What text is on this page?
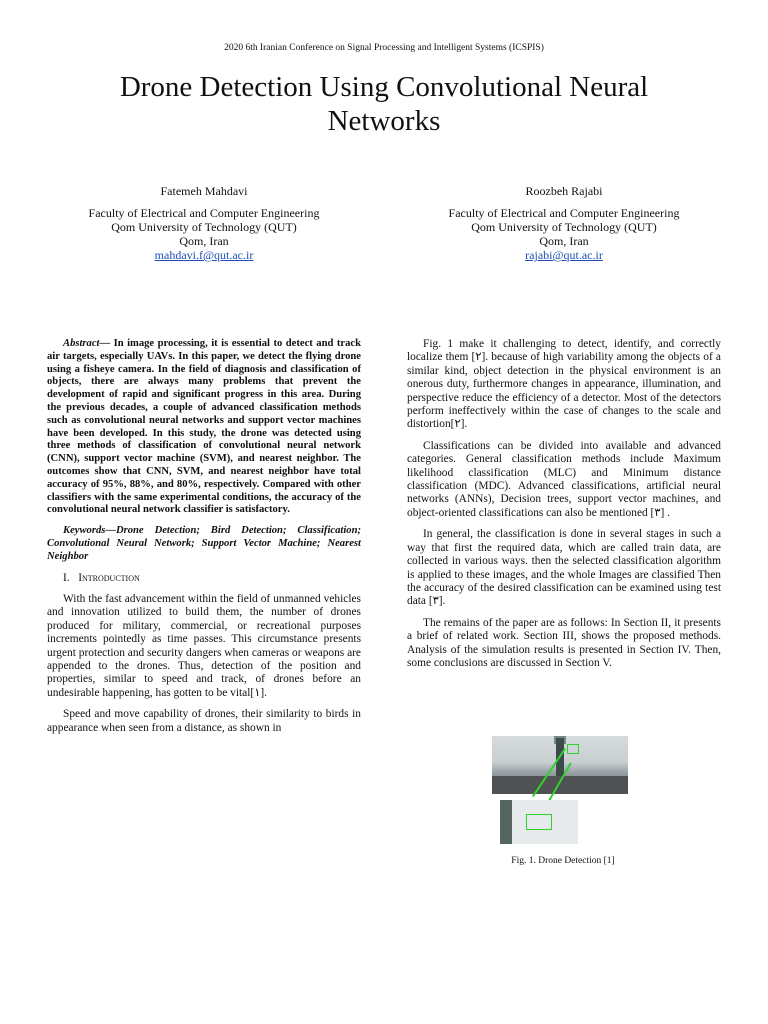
2020 6th Iranian Conference on Signal Processing and Intelligent Systems (ICSPIS)
Drone Detection Using Convolutional Neural Networks
Fatemeh Mahdavi
Faculty of Electrical and Computer Engineering
Qom University of Technology (QUT)
Qom, Iran
mahdavi.f@qut.ac.ir
Roozbeh Rajabi
Faculty of Electrical and Computer Engineering
Qom University of Technology (QUT)
Qom, Iran
rajabi@qut.ac.ir

Abstract— In image processing, it is essential to detect and track air targets, especially UAVs. In this paper, we detect the flying drone using a fisheye camera. In the field of diagnosis and classification of objects, there are always many problems that prevent the development of rapid and significant progress in this area. During the previous decades, a couple of advanced classification methods such as convolutional neural networks and support vector machines have been developed. In this study, the drone was detected using three methods of classification of convolutional neural network (CNN), support vector machine (SVM), and nearest neighbor. The outcomes show that CNN, SVM, and nearest neighbor have total accuracy of 95%, 88%, and 80%, respectively. Compared with other classifiers with the same experimental conditions, the accuracy of the convolutional neural network classifier is satisfactory.

Keywords—Drone Detection; Bird Detection; Classification; Convolutional Neural Network; Support Vector Machine; Nearest Neighbor

I. Introduction

With the fast advancement within the field of unmanned vehicles and innovation utilized to build them, the number of drones produced for military, commercial, or recreational purposes increments pointedly as time passes. This circumstance presents urgent protection and security dangers when cameras or weapons are appended to the drones. Thus, detection of the position and properties, similar to speed and track, of drones before an undesirable happening, has gotten to be vital[١].

Speed and move capability of drones, their similarity to birds in appearance when seen from a distance, as shown in

Fig. 1 make it challenging to detect, identify, and correctly localize them [٢]. because of high variability among the objects of a similar kind, object detection in the physical environment is an onerous duty, furthermore changes in appearance, illumination, and perspective reduce the efficiency of a detector. Most of the detectors perform ineffectively within the case of changes to the scale and distortion[٢].

Classifications can be divided into available and advanced categories. General classification methods include Maximum likelihood classification (MLC) and Minimum distance classification (MDC). Advanced classifications, artificial neural networks (ANNs), Decision trees, support vector machines, and object-oriented classifications can also be mentioned [٣] .

In general, the classification is done in several stages in such a way that first the required data, which are called train data, are collected in various ways. then the selected classification algorithm is applied to these images, and the whole Images are classified Then the accuracy of the desired classification can be examined using test data [٣].

The remains of the paper are as follows: In Section II, it presents a brief of related work. Section III, shows the proposed methods. Analysis of the simulation results is presented in Section IV. Then, some conclusions are discussed in Section V.

Fig. 1. Drone Detection [1]
